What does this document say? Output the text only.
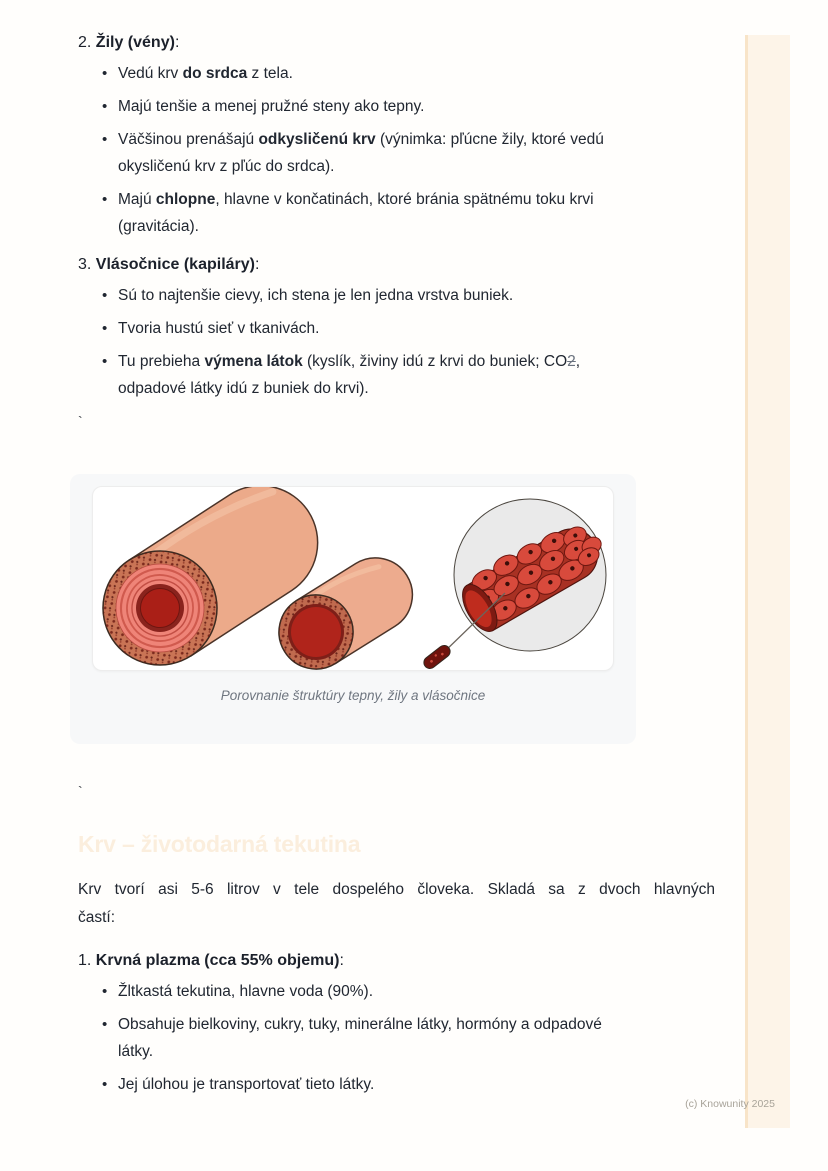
2. Žily (vény):
• Vedú krv do srdca z tela.
• Majú tenšie a menej pružné steny ako tepny.
• Väčšinou prenášajú odkysličenú krv (výnimka: pľúcne žily, ktoré vedú
okysličenú krv z pľúc do srdca).
• Majú chlopne, hlavne v končatinách, ktoré bránia spätnému toku krvi
(gravitácia).
3. Vlásočnice (kapiláry):
• Sú to najtenšie cievy, ich stena je len jedna vrstva buniek.
• Tvoria hustú sieť v tkanivách.
• Tu prebieha výmena látok (kyslík, živiny idú z krvi do buniek; CO2,
odpadové látky idú z buniek do krvi).
`
Porovnanie štruktúry tepny, žily a vlásočnice
`
Krv – životodarná tekutina

Krv tvorí asi 5-6 litrov v tele dospelého človeka. Skladá sa z dvoch hlavných
častí:

1. Krvná plazma (cca 55% objemu):
• Žltkastá tekutina, hlavne voda (90%).
• Obsahuje bielkoviny, cukry, tuky, minerálne látky, hormóny a odpadové
látky.
• Jej úlohou je transportovať tieto látky.
(c) Knowunity 2025
